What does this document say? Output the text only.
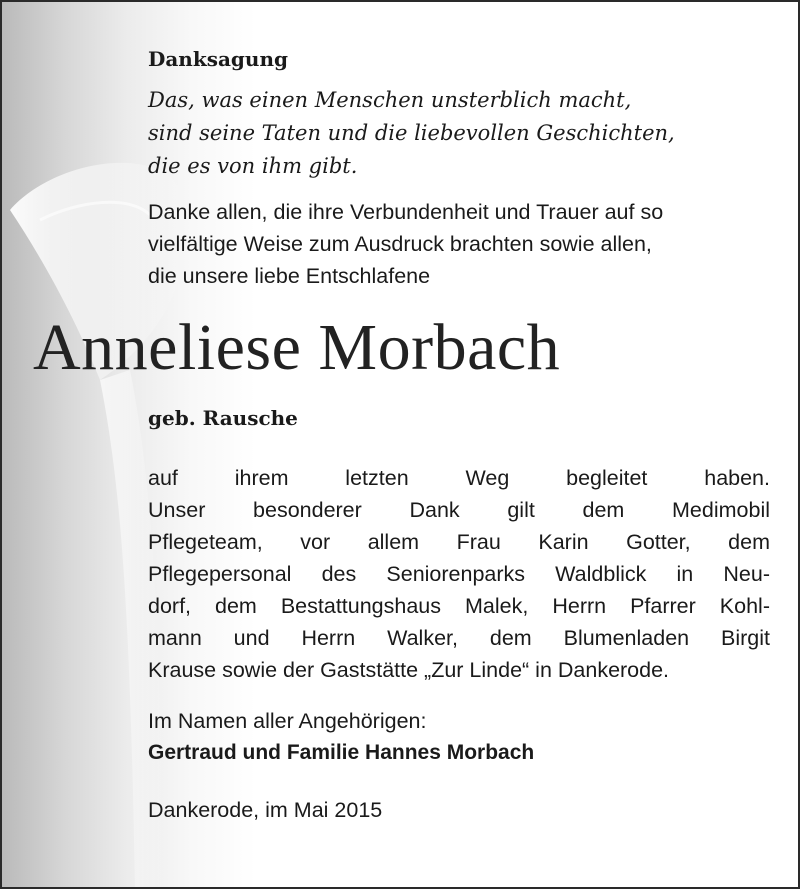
Danksagung

Das, was einen Menschen unsterblich macht,

sind seine Taten und die liebevollen Geschichten,

die es von ihm gibt.

Danke allen, die ihre Verbundenheit und Trauer auf so

vielfältige Weise zum Ausdruck brachten sowie allen,

die unsere liebe Entschlafene

Anneliese Morbach

geb. Rausche

auf ihrem letzten Weg begleitet haben.

Unser besonderer Dank gilt dem Medimobil

Pflegeteam, vor allem Frau Karin Gotter, dem

Pflegepersonal des Seniorenparks Waldblick in Neu-

dorf, dem Bestattungshaus Malek, Herrn Pfarrer Kohl-

mann und Herrn Walker, dem Blumenladen Birgit

Krause sowie der Gaststätte „Zur Linde“ in Dankerode.

Im Namen aller Angehörigen:

Gertraud und Familie Hannes Morbach

Dankerode, im Mai 2015
